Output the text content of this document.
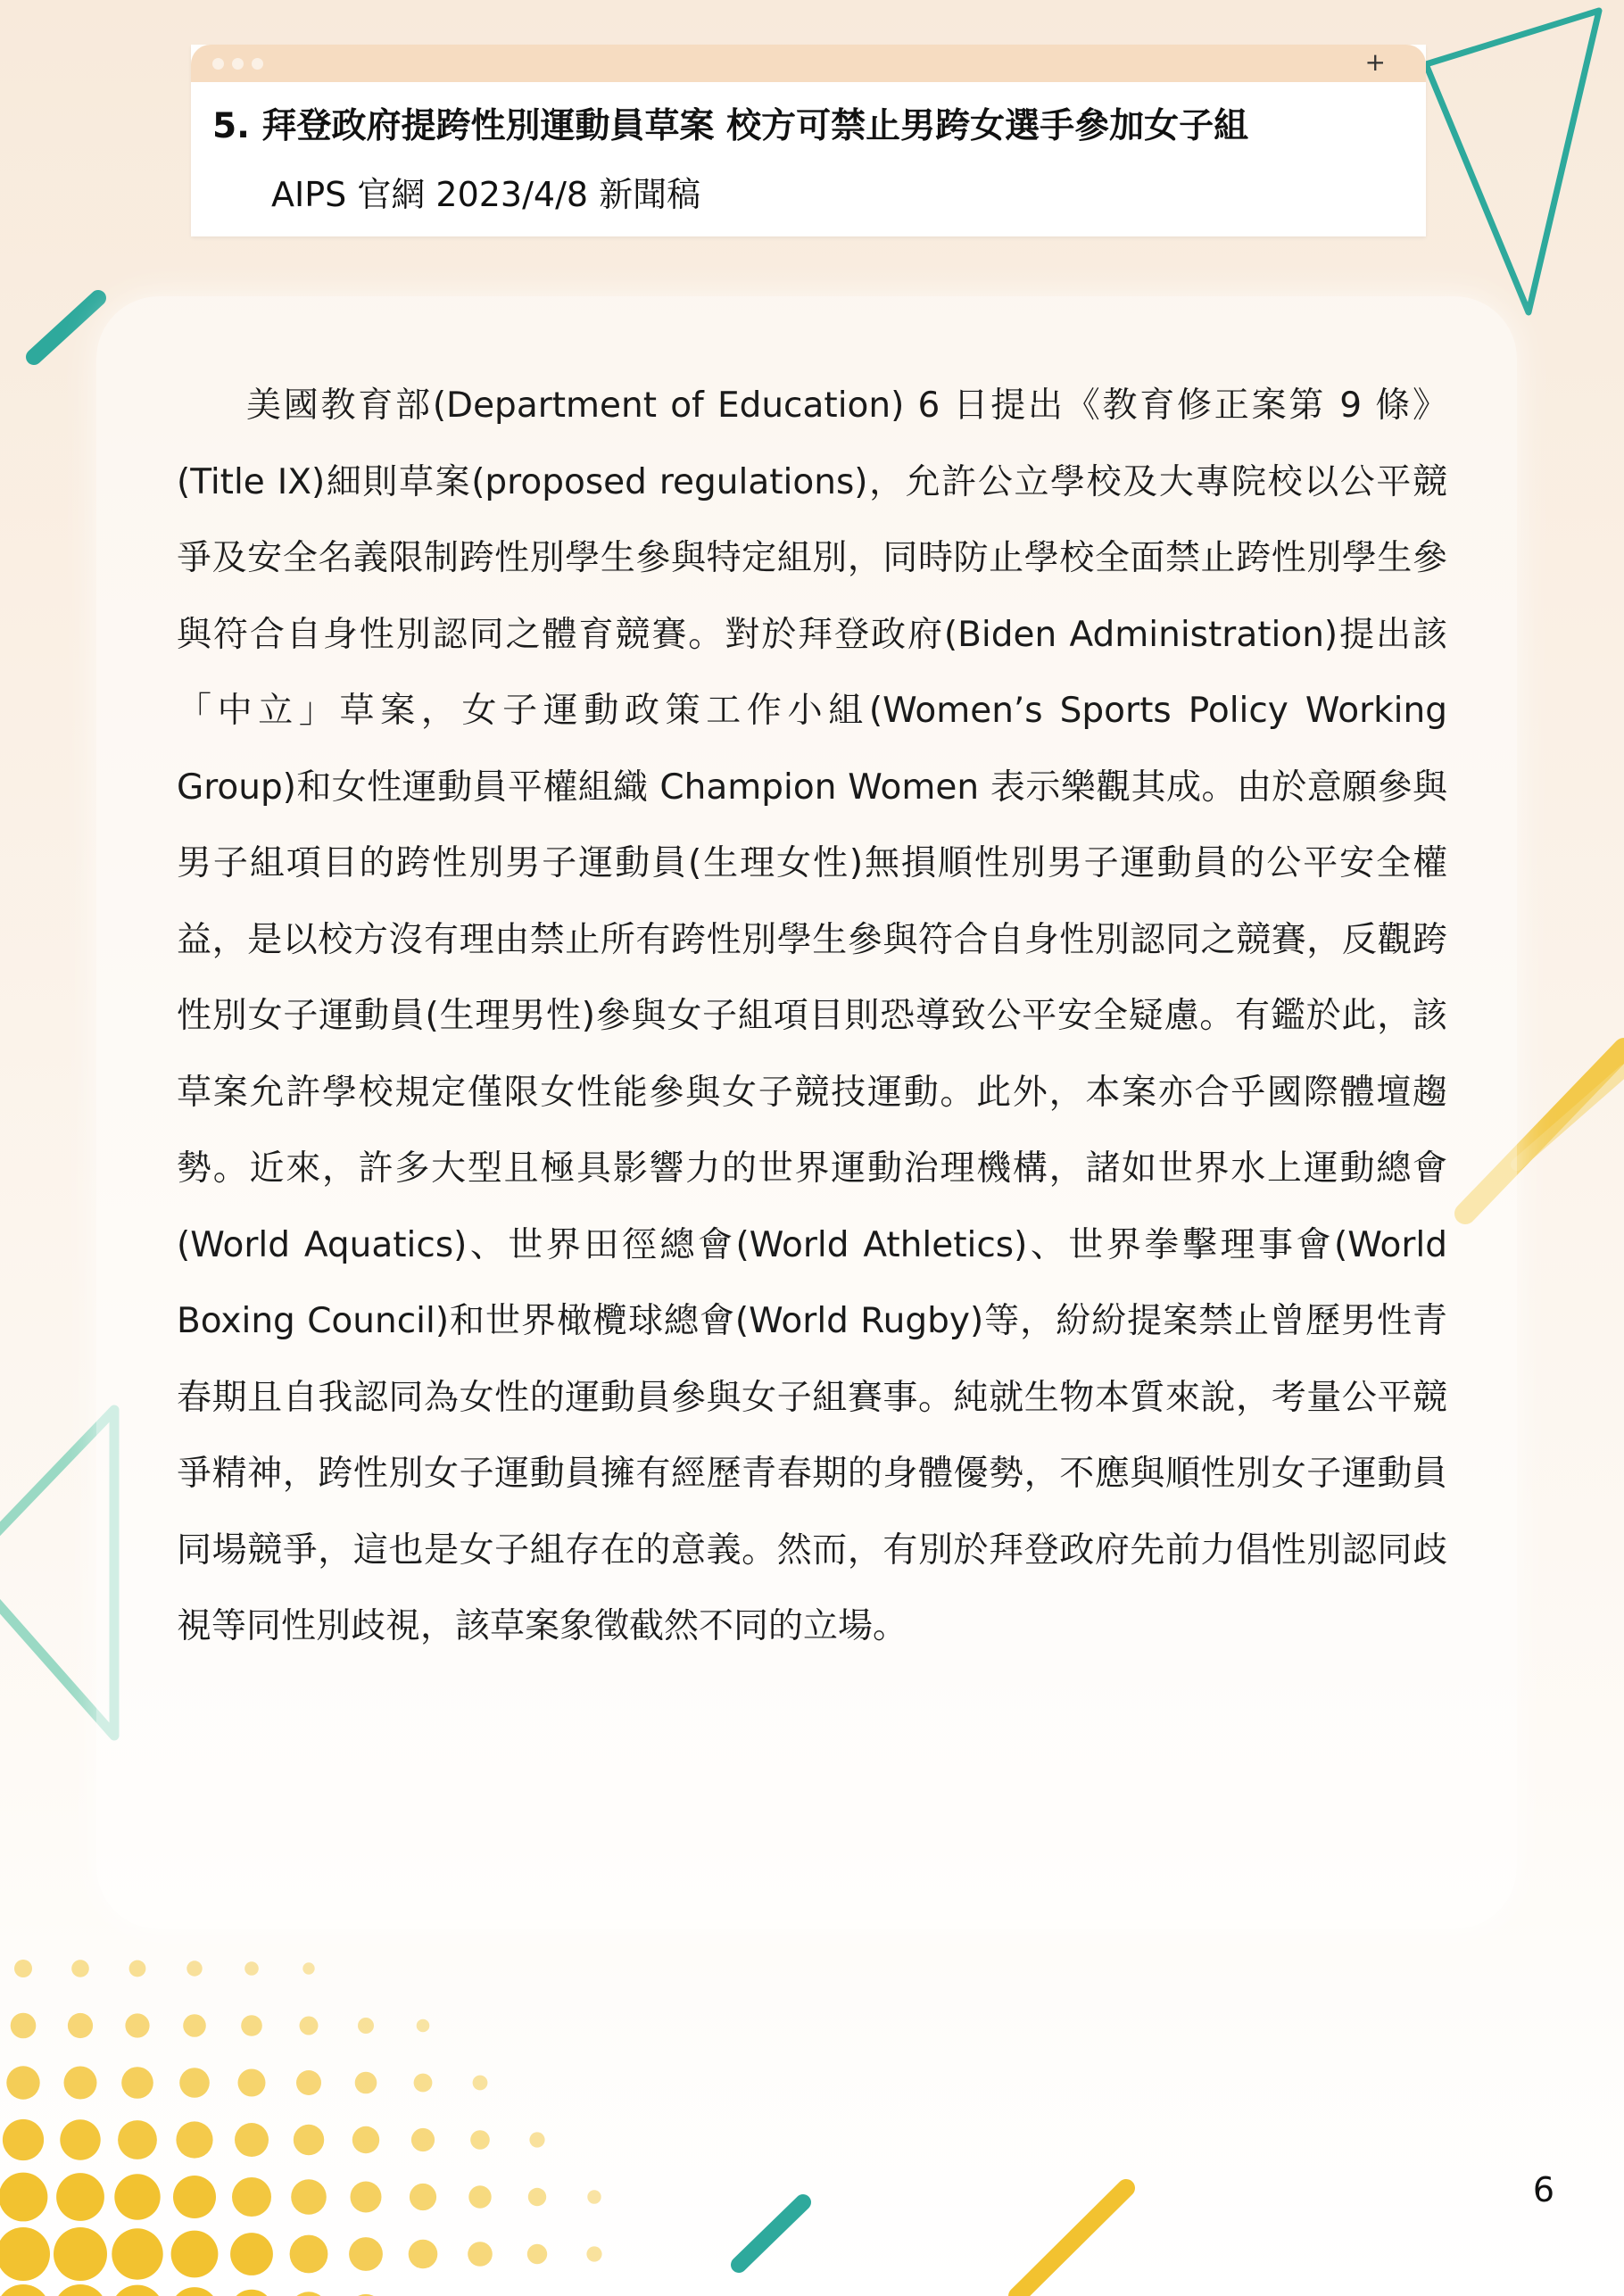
+
5. 拜登政府提跨性別運動員草案 校方可禁止男跨女選手參加女子組
AIPS 官網 2023/4/8 新聞稿
美國教育部(Department of Education) 6 日提出《教育修正案第 9 條》(Title IX)細則草案(proposed regulations)，允許公立學校及大專院校以公平競爭及安全名義限制跨性別學生參與特定組別，同時防止學校全面禁止跨性別學生參與符合自身性別認同之體育競賽。對於拜登政府(Biden Administration)提出該「中立」草案，女子運動政策工作小組(Women’s Sports Policy Working Group)和女性運動員平權組織 Champion Women 表示樂觀其成。由於意願參與男子組項目的跨性別男子運動員(生理女性)無損順性別男子運動員的公平安全權益，是以校方沒有理由禁止所有跨性別學生參與符合自身性別認同之競賽，反觀跨性別女子運動員(生理男性)參與女子組項目則恐導致公平安全疑慮。有鑑於此，該草案允許學校規定僅限女性能參與女子競技運動。此外，本案亦合乎國際體壇趨勢。近來，許多大型且極具影響力的世界運動治理機構，諸如世界水上運動總會(World Aquatics)、世界田徑總會(World Athletics)、世界拳擊理事會(World Boxing Council)和世界橄欖球總會(World Rugby)等，紛紛提案禁止曾歷男性青春期且自我認同為女性的運動員參與女子組賽事。純就生物本質來說，考量公平競爭精神，跨性別女子運動員擁有經歷青春期的身體優勢，不應與順性別女子運動員同場競爭，這也是女子組存在的意義。然而，有別於拜登政府先前力倡性別認同歧視等同性別歧視，該草案象徵截然不同的立場。
6
